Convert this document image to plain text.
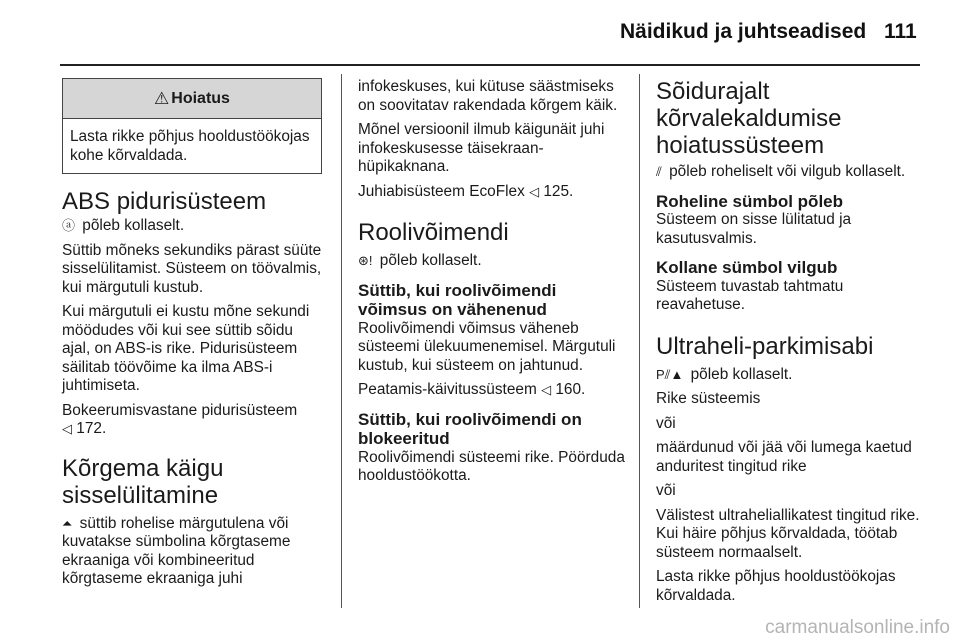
Näidikud ja juhtseadised 111
⚠ Hoiatus

Lasta rikke põhjus hooldustöökojas kohe kõrvaldada.

ABS pidurisüsteem

ⓐ põleb kollaselt.

Süttib mõneks sekundiks pärast süüte sisselülitamist. Süsteem on töövalmis, kui märgutuli kustub.

Kui märgutuli ei kustu mõne sekundi möödudes või kui see süttib sõidu ajal, on ABS-is rike. Pidurisüsteem säilitab töövõime ka ilma ABS-i juhtimiseta.

Bokeerumisvastane pidurisüsteem
◁ 172.

Kõrgema käigu
sisselülitamine

⏶ süttib rohelise märgutulena või kuvatakse sümbolina kõrgtaseme ekraaniga või kombineeritud kõrgtaseme ekraaniga juhi

infokeskuses, kui kütuse säästmiseks on soovitatav rakendada kõrgem käik.

Mõnel versioonil ilmub käigunäit juhi infokeskusesse täisekraan-hüpikaknana.

Juhiabisüsteem EcoFlex ◁ 125.

Roolivõimendi

⊛! põleb kollaselt.

Süttib, kui roolivõimendi võimsus on vähenenud

Roolivõimendi võimsus väheneb süsteemi ülekuumenemisel. Märgutuli kustub, kui süsteem on jahtunud.

Peatamis-käivitussüsteem ◁ 160.

Süttib, kui roolivõimendi on blokeeritud

Roolivõimendi süsteemi rike. Pöörduda hooldustöökotta.

Sõidurajalt kõrvalekaldumise hoiatussüsteem

⫽ põleb roheliselt või vilgub kollaselt.

Roheline sümbol põleb

Süsteem on sisse lülitatud ja kasutusvalmis.

Kollane sümbol vilgub

Süsteem tuvastab tahtmatu reavahetuse.

Ultraheli-parkimisabi

P⫽▲ põleb kollaselt.

Rike süsteemis

või

määrdunud või jää või lumega kaetud anduritest tingitud rike

või

Välistest ultraheliallikatest tingitud rike. Kui häire põhjus kõrvaldada, töötab süsteem normaalselt.

Lasta rikke põhjus hooldustöökojas kõrvaldada.

carmanualsonline.info
